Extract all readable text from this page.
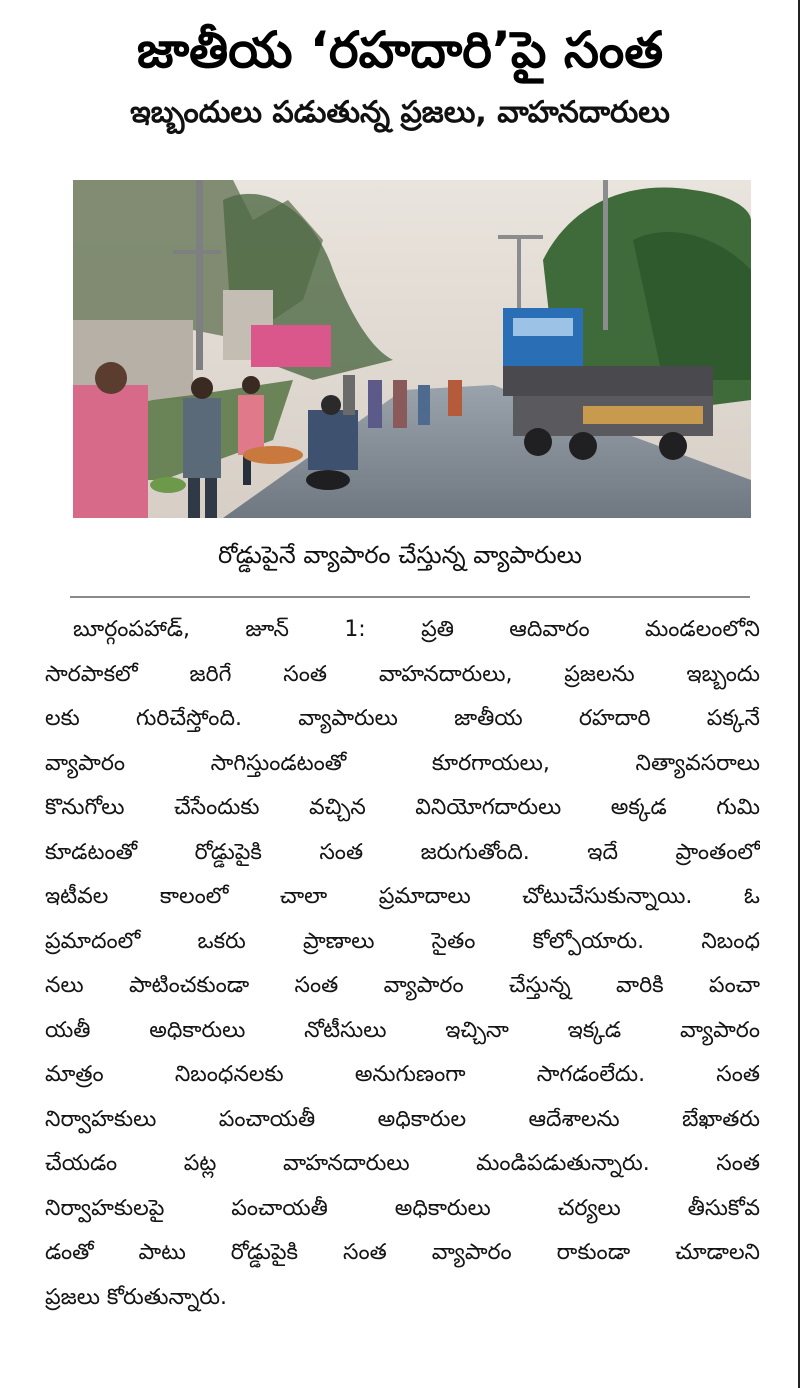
జాతీయ ‘రహదారి’పై సంత
ఇబ్బందులు పడుతున్న ప్రజలు, వాహనదారులు
రోడ్డుపైనే వ్యాపారం చేస్తున్న వ్యాపారులు
బూర్గంపహాడ్, జూన్ 1: ప్రతి ఆదివారం మండలంలోని
సారపాకలో జరిగే సంత వాహనదారులు, ప్రజలను ఇబ్బందు
లకు గురిచేస్తోంది. వ్యాపారులు జాతీయ రహదారి పక్కనే
వ్యాపారం సాగిస్తుండటంతో కూరగాయలు, నిత్యావసరాలు
కొనుగోలు చేసేందుకు వచ్చిన వినియోగదారులు అక్కడ గుమి
కూడటంతో రోడ్డుపైకి సంత జరుగుతోంది. ఇదే ప్రాంతంలో
ఇటీవల కాలంలో చాలా ప్రమాదాలు చోటుచేసుకున్నాయి. ఓ
ప్రమాదంలో ఒకరు ప్రాణాలు సైతం కోల్పోయారు. నిబంధ
నలు పాటించకుండా సంత వ్యాపారం చేస్తున్న వారికి పంచా
యతీ అధికారులు నోటీసులు ఇచ్చినా ఇక్కడ వ్యాపారం
మాత్రం నిబంధనలకు అనుగుణంగా సాగడంలేదు. సంత
నిర్వాహకులు పంచాయతీ అధికారుల ఆదేశాలను బేఖాతరు
చేయడం పట్ల వాహనదారులు మండిపడుతున్నారు. సంత
నిర్వాహకులపై పంచాయతీ అధికారులు చర్యలు తీసుకోవ
డంతో పాటు రోడ్డుపైకి సంత వ్యాపారం రాకుండా చూడాలని
ప్రజలు కోరుతున్నారు.
